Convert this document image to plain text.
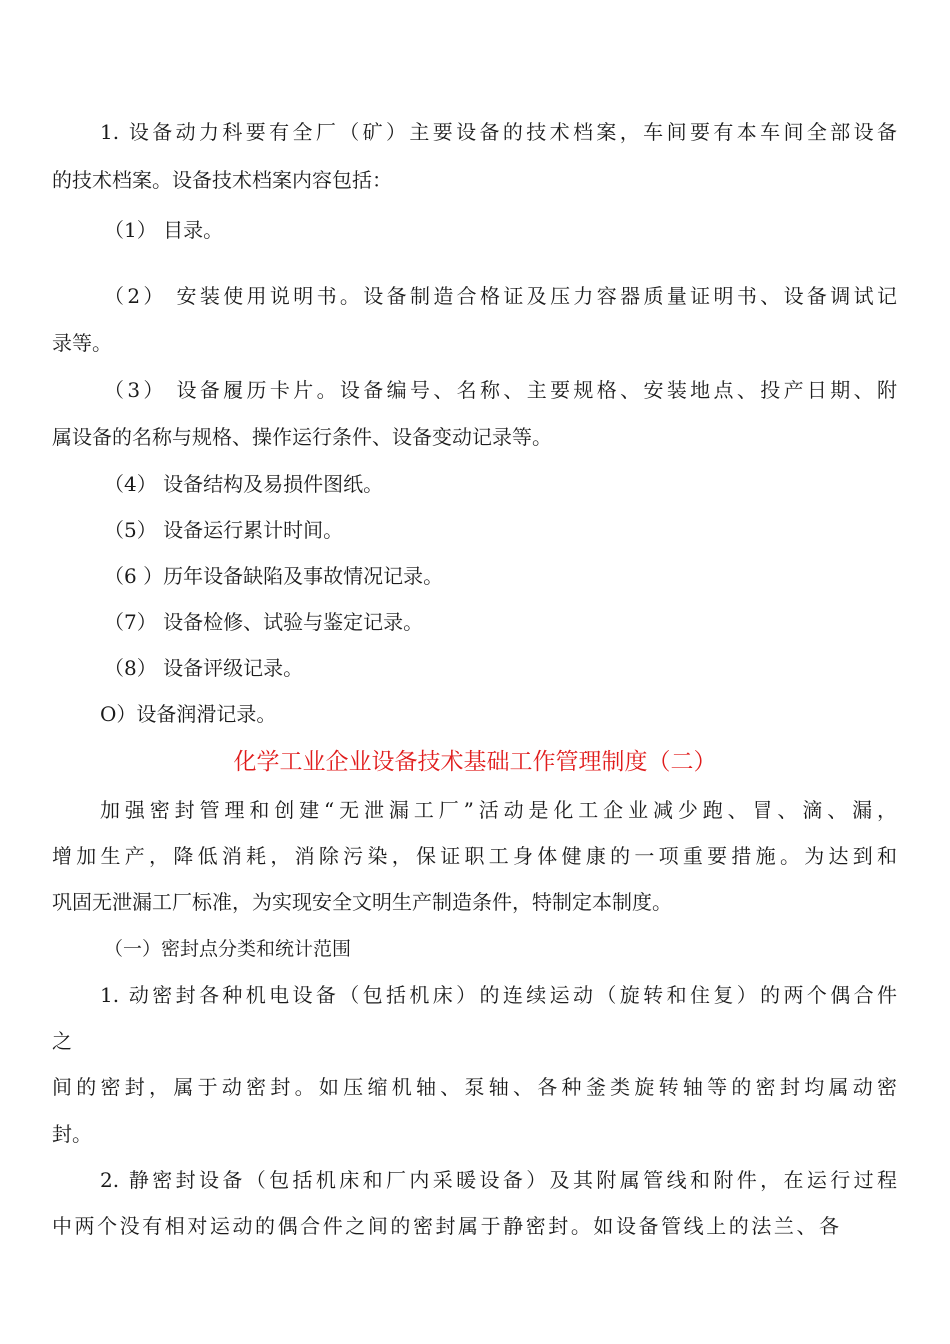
1. 设备动力科要有全厂（矿）主要设备的技术档案，车间要有本车间全部设备
的技术档案。设备技术档案内容包括：
（1） 目录。
（2） 安装使用说明书。设备制造合格证及压力容器质量证明书、设备调试记
录等。
（3） 设备履历卡片。设备编号、名称、主要规格、安装地点、投产日期、附
属设备的名称与规格、操作运行条件、设备变动记录等。
（4） 设备结构及易损件图纸。
（5） 设备运行累计时间。
（6 ）历年设备缺陷及事故情况记录。
（7） 设备检修、试验与鉴定记录。
（8） 设备评级记录。
O）设备润滑记录。
化学工业企业设备技术基础工作管理制度（二）
加强密封管理和创建“无泄漏工厂”活动是化工企业减少跑、冒、滴、漏，
增加生产，降低消耗，消除污染，保证职工身体健康的一项重要措施。为达到和
巩固无泄漏工厂标准，为实现安全文明生产制造条件，特制定本制度。
（一）密封点分类和统计范围
1. 动密封各种机电设备（包括机床）的连续运动（旋转和住复）的两个偶合件
之
间的密封，属于动密封。如压缩机轴、泵轴、各种釜类旋转轴等的密封均属动密
封。
2. 静密封设备（包括机床和厂内采暖设备）及其附属管线和附件，在运行过程
中两个没有相对运动的偶合件之间的密封属于静密封。如设备管线上的法兰、各
